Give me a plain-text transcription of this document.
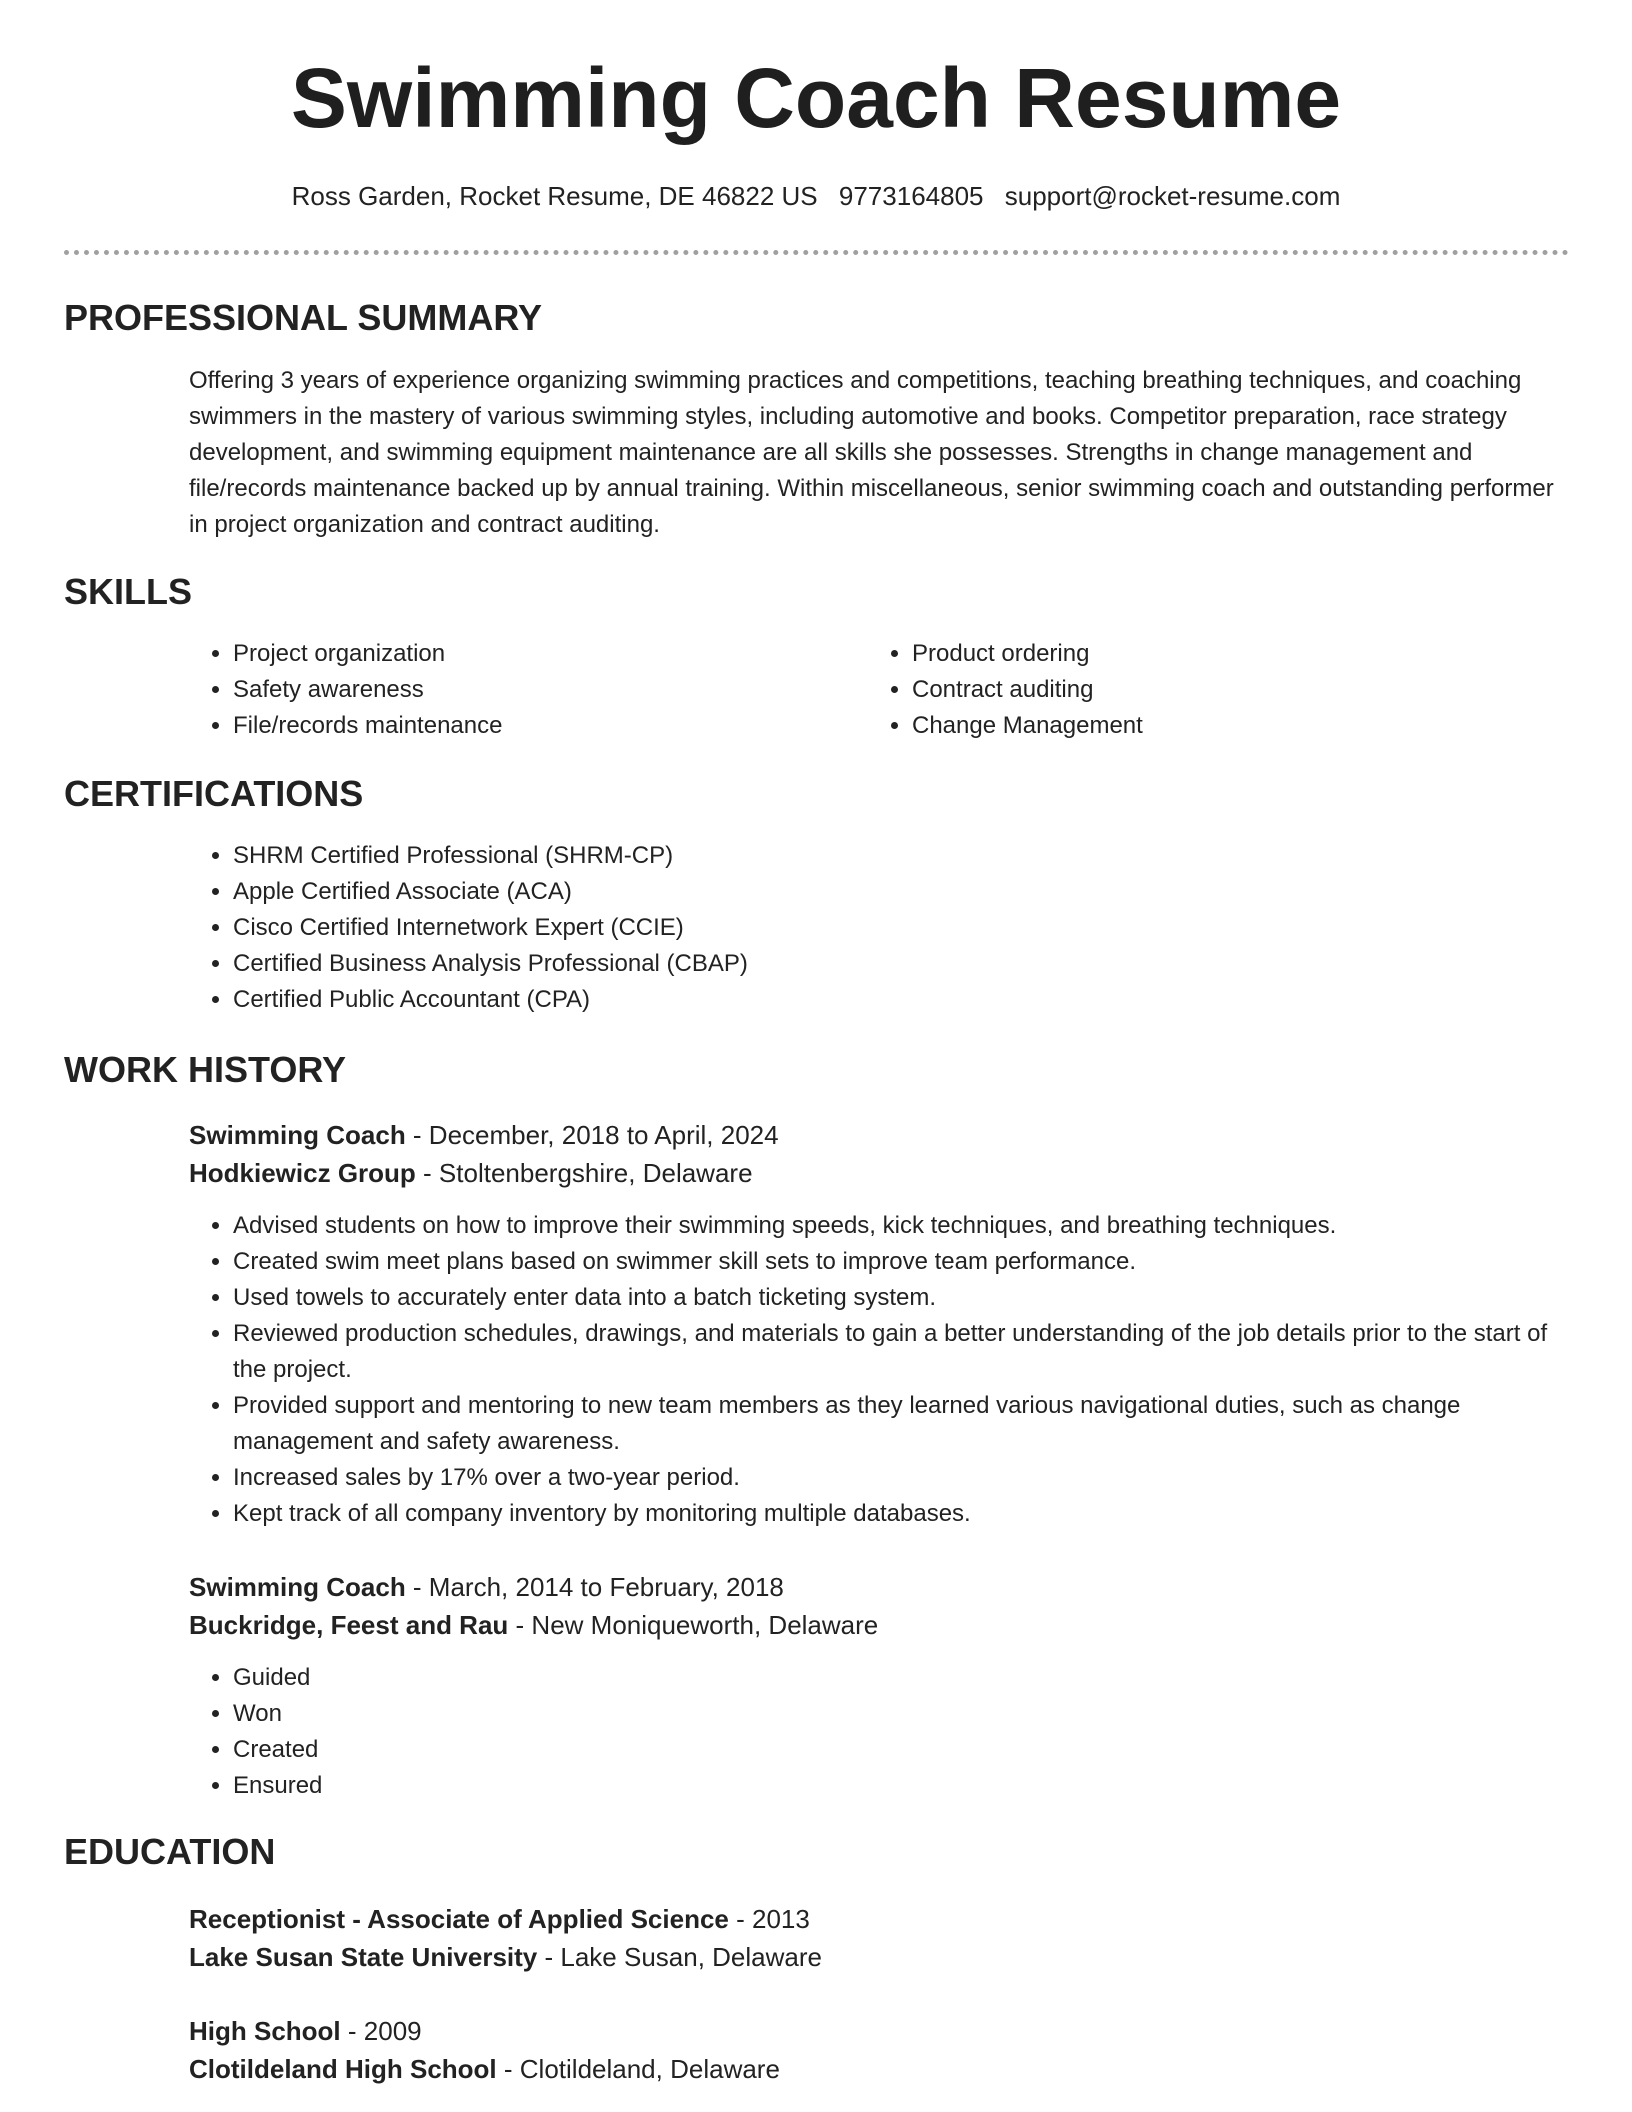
Swimming Coach Resume
Ross Garden, Rocket Resume, DE 46822 US 9773164805 support@rocket-resume.com
PROFESSIONAL SUMMARY

Offering 3 years of experience organizing swimming practices and competitions, teaching breathing techniques, and coaching swimmers in the mastery of various swimming styles, including automotive and books. Competitor preparation, race strategy development, and swimming equipment maintenance are all skills she possesses. Strengths in change management and file/records maintenance backed up by annual training. Within miscellaneous, senior swimming coach and outstanding performer in project organization and contract auditing.

SKILLS
• Project organization
• Safety awareness
• File/records maintenance
• Product ordering
• Contract auditing
• Change Management
CERTIFICATIONS
• SHRM Certified Professional (SHRM-CP)
• Apple Certified Associate (ACA)
• Cisco Certified Internetwork Expert (CCIE)
• Certified Business Analysis Professional (CBAP)
• Certified Public Accountant (CPA)
WORK HISTORY
Swimming Coach - December, 2018 to April, 2024
Hodkiewicz Group - Stoltenbergshire, Delaware
• Advised students on how to improve their swimming speeds, kick techniques, and breathing techniques.
• Created swim meet plans based on swimmer skill sets to improve team performance.
• Used towels to accurately enter data into a batch ticketing system.
• Reviewed production schedules, drawings, and materials to gain a better understanding of the job details prior to the start of the project.
• Provided support and mentoring to new team members as they learned various navigational duties, such as change management and safety awareness.
• Increased sales by 17% over a two-year period.
• Kept track of all company inventory by monitoring multiple databases.
Swimming Coach - March, 2014 to February, 2018
Buckridge, Feest and Rau - New Moniqueworth, Delaware
• Guided
• Won
• Created
• Ensured
EDUCATION
Receptionist - Associate of Applied Science - 2013
Lake Susan State University - Lake Susan, Delaware
High School - 2009
Clotildeland High School - Clotildeland, Delaware
